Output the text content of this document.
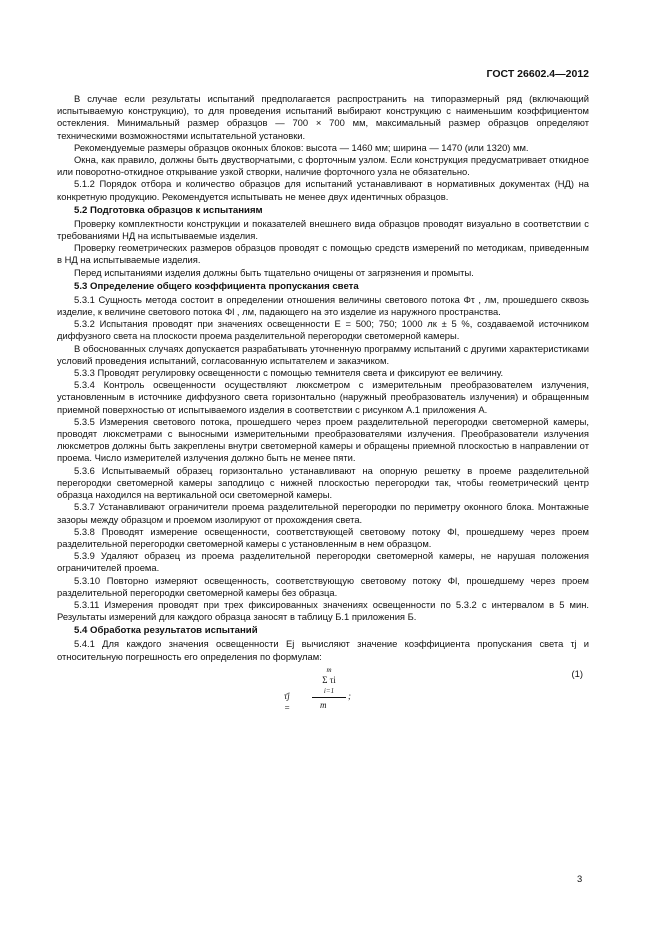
ГОСТ 26602.4—2012

В случае если результаты испытаний предполагается распространить на типоразмерный ряд (включающий испытываемую конструкцию), то для проведения испытаний выбирают конструкцию с наименьшим коэффициентом остекления. Минимальный размер образцов — 700 × 700 мм, максимальный размер образцов определяют техническими возможностями испытательной установки.

Рекомендуемые размеры образцов оконных блоков: высота — 1460 мм; ширина — 1470 (или 1320) мм.

Окна, как правило, должны быть двустворчатыми, с форточным узлом. Если конструкция предусматривает откидное или поворотно-откидное открывание узкой створки, наличие форточного узла не обязательно.

5.1.2 Порядок отбора и количество образцов для испытаний устанавливают в нормативных документах (НД) на конкретную продукцию. Рекомендуется испытывать не менее двух идентичных образцов.

5.2 Подготовка образцов к испытаниям

Проверку комплектности конструкции и показателей внешнего вида образцов проводят визуально в соответствии с требованиями НД на испытываемые изделия.

Проверку геометрических размеров образцов проводят с помощью средств измерений по методикам, приведенным в НД на испытываемые изделия.

Перед испытаниями изделия должны быть тщательно очищены от загрязнения и промыты.

5.3 Определение общего коэффициента пропускания света

5.3.1 Сущность метода состоит в определении отношения величины светового потока Φτ , лм, прошедшего сквозь изделие, к величине светового потока Φl , лм, падающего на это изделие из наружного пространства.

5.3.2 Испытания проводят при значениях освещенности E = 500; 750; 1000 лк ± 5 %, создаваемой источником диффузного света на плоскости проема разделительной перегородки светомерной камеры.

В обоснованных случаях допускается разрабатывать уточненную программу испытаний с другими характеристиками условий проведения испытаний, согласованную испытателем и заказчиком.

5.3.3 Проводят регулировку освещенности с помощью темнителя света и фиксируют ее величину.

5.3.4 Контроль освещенности осуществляют люксметром с измерительным преобразователем излучения, установленным в источнике диффузного света горизонтально (наружный преобразователь излучения) и обращенным приемной поверхностью от испытываемого изделия в соответствии с рисунком А.1 приложения А.

5.3.5 Измерения светового потока, прошедшего через проем разделительной перегородки светомерной камеры, проводят люксметрами с выносными измерительными преобразователями излучения. Преобразователи излучения люксметров должны быть закреплены внутри светомерной камеры и обращены приемной плоскостью в направлении от проема. Число измерителей излучения должно быть не менее пяти.

5.3.6 Испытываемый образец горизонтально устанавливают на опорную решетку в проеме разделительной перегородки светомерной камеры заподлицо с нижней плоскостью перегородки так, чтобы геометрический центр образца находился на вертикальной оси светомерной камеры.

5.3.7 Устанавливают ограничители проема разделительной перегородки по периметру оконного блока. Монтажные зазоры между образцом и проемом изолируют от прохождения света.

5.3.8 Проводят измерение освещенности, соответствующей световому потоку Φl, прошедшему через проем разделительной перегородки светомерной камеры с установленным в нем образцом.

5.3.9 Удаляют образец из проема разделительной перегородки светомерной камеры, не нарушая положения ограничителей проема.

5.3.10 Повторно измеряют освещенность, соответствующую световому потоку Φl, прошедшему через проем разделительной перегородки светомерной камеры без образца.

5.3.11 Измерения проводят при трех фиксированных значениях освещенности по 5.3.2 с интервалом в 5 мин. Результаты измерений для каждого образца заносят в таблицу Б.1 приложения Б.

5.4 Обработка результатов испытаний

5.4.1 Для каждого значения освещенности Ej вычисляют значение коэффициента пропускания света τj и относительную погрешность его определения по формулам:

τ̄j =
m
Σ τi
i=1
m
;
(1)
3
